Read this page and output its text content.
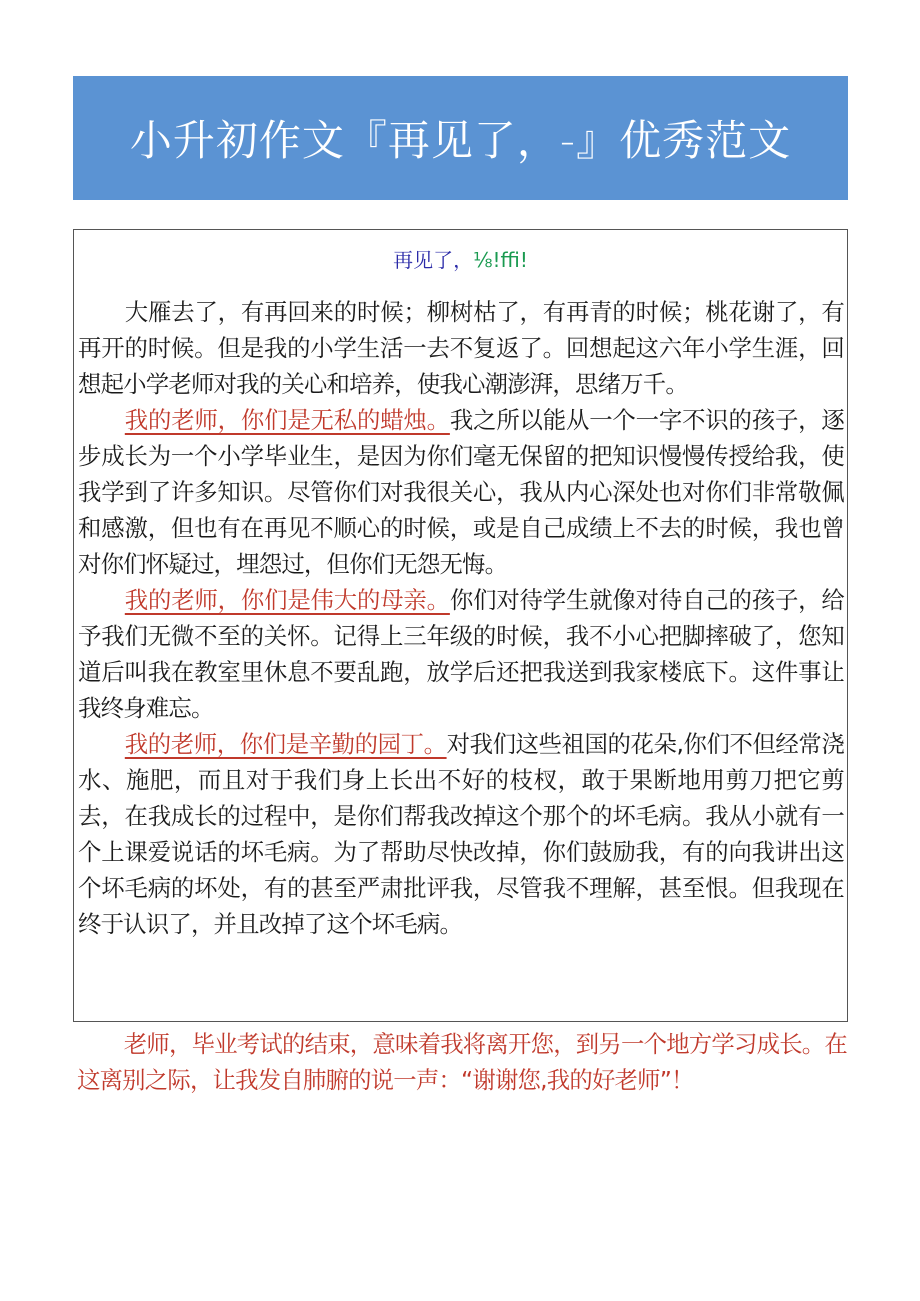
小升初作文『再见了，-』优秀范文
再见了，⅛!ffi!

大雁去了，有再回来的时候；柳树枯了，有再青的时候；桃花谢了，有再开的时候。但是我的小学生活一去不复返了。回想起这六年小学生涯，回想起小学老师对我的关心和培养，使我心潮澎湃，思绪万千。

我的老师，你们是无私的蜡烛。我之所以能从一个一字不识的孩子，逐步成长为一个小学毕业生，是因为你们毫无保留的把知识慢慢传授给我，使我学到了许多知识。尽管你们对我很关心，我从内心深处也对你们非常敬佩和感激，但也有在再见不顺心的时候，或是自己成绩上不去的时候，我也曾对你们怀疑过，埋怨过，但你们无怨无悔。

我的老师，你们是伟大的母亲。你们对待学生就像对待自己的孩子，给予我们无微不至的关怀。记得上三年级的时候，我不小心把脚摔破了，您知道后叫我在教室里休息不要乱跑，放学后还把我送到我家楼底下。这件事让我终身难忘。

我的老师，你们是辛勤的园丁。对我们这些祖国的花朵,你们不但经常浇水、施肥，而且对于我们身上长出不好的枝杈，敢于果断地用剪刀把它剪去，在我成长的过程中，是你们帮我改掉这个那个的坏毛病。我从小就有一个上课爱说话的坏毛病。为了帮助尽快改掉，你们鼓励我，有的向我讲出这个坏毛病的坏处，有的甚至严肃批评我，尽管我不理解，甚至恨。但我现在终于认识了，并且改掉了这个坏毛病。

老师，毕业考试的结束，意味着我将离开您，到另一个地方学习成长。在这离别之际，让我发自肺腑的说一声：“谢谢您,我的好老师”！
